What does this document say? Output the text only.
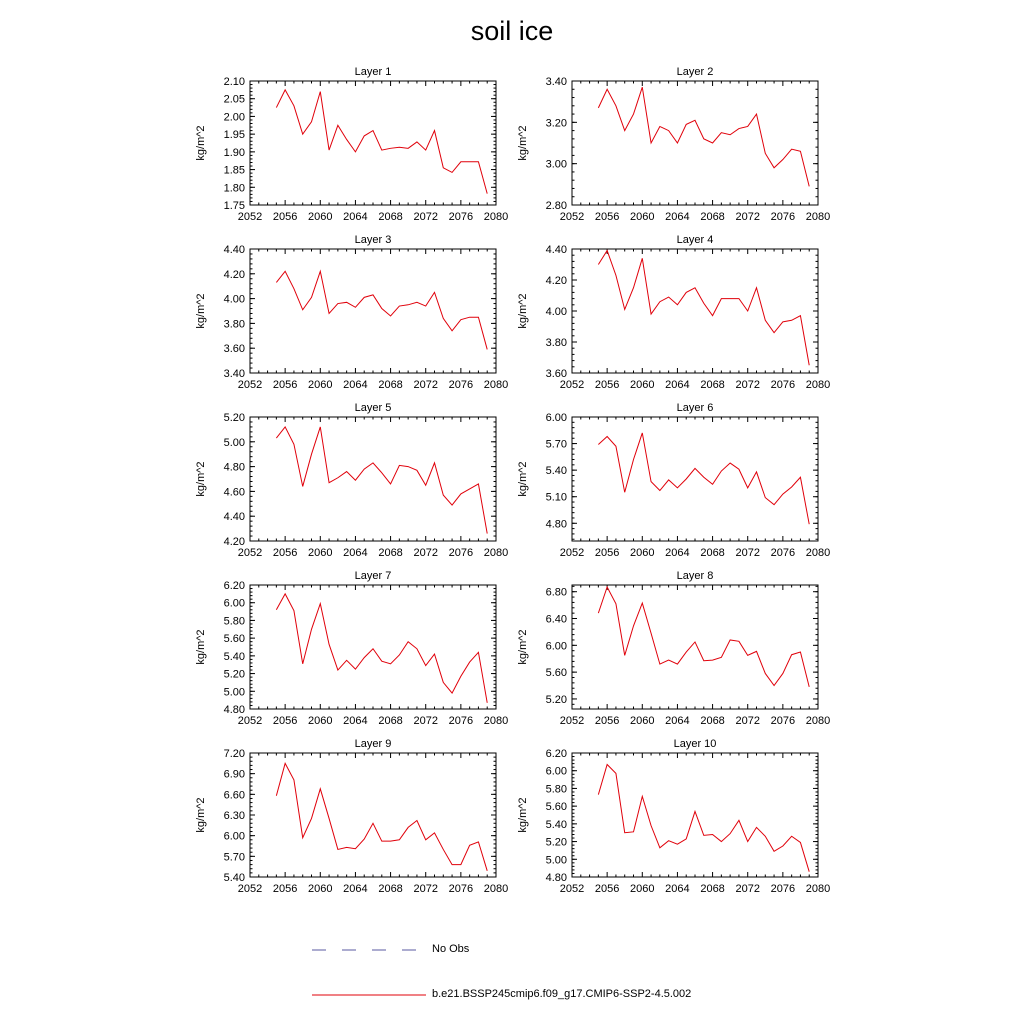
soil ice
Layer 1
kg/m^2
2052 2056 2060 2064 2068 2072 2076 2080
1.75
1.80
1.85
1.90
1.95
2.00
2.05
2.10
Layer 2
kg/m^2
2052 2056 2060 2064 2068 2072 2076 2080
2.80
3.00
3.20
3.40
Layer 3
kg/m^2
2052 2056 2060 2064 2068 2072 2076 2080
3.40
3.60
3.80
4.00
4.20
4.40
Layer 4
kg/m^2
2052 2056 2060 2064 2068 2072 2076 2080
3.60
3.80
4.00
4.20
4.40
Layer 5
kg/m^2
2052 2056 2060 2064 2068 2072 2076 2080
4.20
4.40
4.60
4.80
5.00
5.20
Layer 6
kg/m^2
2052 2056 2060 2064 2068 2072 2076 2080
4.80
5.10
5.40
5.70
6.00
Layer 7
kg/m^2
2052 2056 2060 2064 2068 2072 2076 2080
4.80
5.00
5.20
5.40
5.60
5.80
6.00
6.20
Layer 8
kg/m^2
2052 2056 2060 2064 2068 2072 2076 2080
5.20
5.60
6.00
6.40
6.80
Layer 9
kg/m^2
2052 2056 2060 2064 2068 2072 2076 2080
5.40
5.70
6.00
6.30
6.60
6.90
7.20
Layer 10
kg/m^2
2052 2056 2060 2064 2068 2072 2076 2080
4.80
5.00
5.20
5.40
5.60
5.80
6.00
6.20
No Obs
b.e21.BSSP245cmip6.f09_g17.CMIP6-SSP2-4.5.002
